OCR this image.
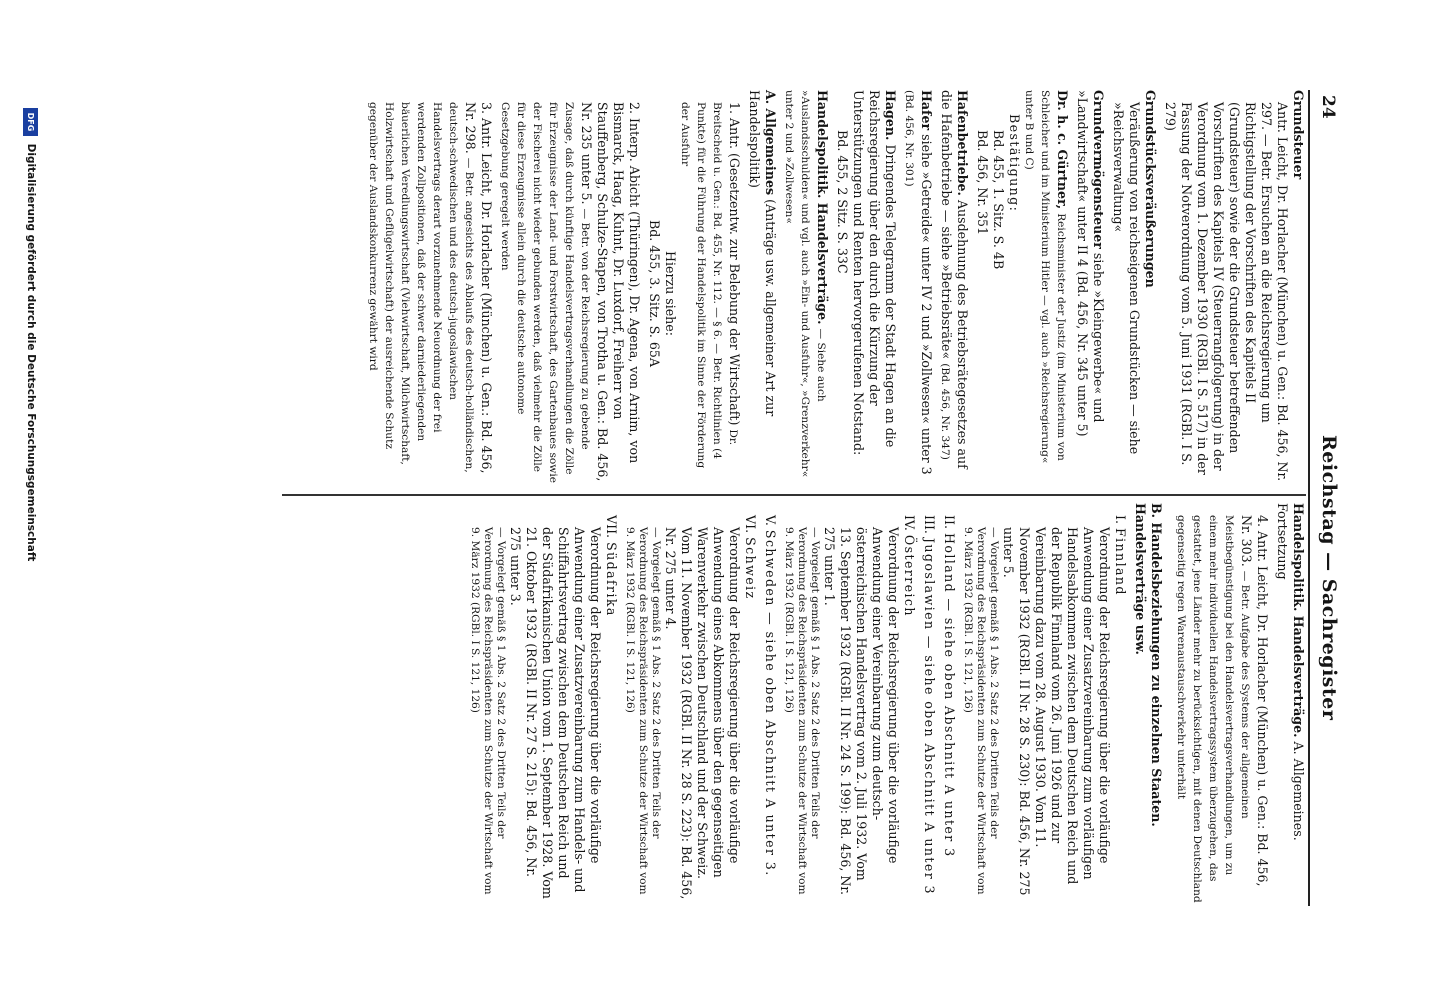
24
Reichstag — Sachregister
Grundsteuer
Antr. Leicht, Dr. Horlacher (München) u. Gen.: Bd. 456, Nr. 297. — Betr. Ersuchen an die Reichsregierung um Richtigstellung der Vorschriften des Kapitels II (Grundsteuer) sowie der die Grundsteuer betreffenden Vorschriften des Kapitels IV (Steuerrangfolgerung) in der Verordnung vom 1. Dezember 1930 (RGBl. I S. 517) in der Fassung der Notverordnung vom 5. Juni 1931 (RGBl. I S. 279)
Grundstücksveräußerungen
Veräußerung von reichseigenen Grundstücken — siehe »Reichsverwaltung«
Grundvermögensteuer siehe »Kleingewerbe« und »Landwirtschaft« unter II 4 (Bd. 456, Nr. 345 unter 5)
Dr. h. c. Gürtner, Reichsminister der Justiz (im Ministerium von Schleicher und im Ministerium Hitler — vgl. auch »Reichsregierung« unter B und C)
Bestätigung:
Bd. 455, 1. Sitz. S. 4B
Bd. 456, Nr. 351
Hafenbetriebe. Ausdehnung des Betriebsrätegesetzes auf die Hafenbetriebe — siehe »Betriebsräte« (Bd. 456, Nr. 347)
Hafer siehe »Getreide« unter IV 2 und »Zollwesen« unter 3 (Bd. 456, Nr. 301)
Hagen. Dringendes Telegramm der Stadt Hagen an die Reichsregierung über den durch die Kürzung der Unterstützungen und Renten hervorgerufenen Notstand:
Bd. 455, 2 Sitz. S. 33C
Handelspolitik. Handelsverträge. — Siehe auch »Auslandsschulden« und vgl. auch »Ein- und Ausfuhr«, »Grenzverkehr« unter 2 und »Zollwesen«
A. Allgemeines (Anträge usw. allgemeiner Art zur Handelspolitik)
1. Antr. (Gesetzentw. zur Belebung der Wirtschaft) Dr. Breitscheid u. Gen.: Bd. 455, Nr. 112. — § 6. — Betr. Richtlinien (4 Punkte) für die Führung der Handelspolitik im Sinne der Förderung der Ausfuhr
Hierzu siehe:
Bd. 455, 3. Sitz. S. 65A
2. Interp. Abicht (Thüringen), Dr. Agena, von Arnim, von Bismarck, Haag, Kuhnt, Dr. Luxdorf, Freiherr von Stauffenberg, Schulze-Stapen, von Trotha u. Gen.: Bd. 456, Nr. 235 unter 5. — Betr. von der Reichsregierung zu gebende Zusage, daß durch künftige Handelsvertragsverhandlungen die Zölle für Erzeugnisse der Land- und Forstwirtschaft, des Gartenbaues sowie der Fischerei nicht wieder gebunden werden, daß vielmehr die Zölle für diese Erzeugnisse allein durch die deutsche autonome Gesetzgebung geregelt werden
3. Antr. Leicht, Dr. Horlacher (München) u. Gen.: Bd. 456, Nr. 298. — Betr. angesichts des Ablaufs des deutsch-holländischen, deutsch-schwedischen und des deutsch-jugoslawischen Handelsvertrags derart vorzunehmende Neuordnung der frei werdenden Zollpositionen, daß der schwer darniederliegenden bäuerlichen Veredlungswirtschaft (Viehwirtschaft, Milchwirtschaft, Holzwirtschaft und Geflügelwirtschaft) der ausreichende Schutz gegenüber der Auslandskonkurrenz gewährt wird
Handelspolitik. Handelsverträge. A. Allgemeines.
Fortsetzung
4. Antr. Leicht, Dr. Horlacher (München) u. Gen.: Bd. 456, Nr. 303. — Betr. Aufgabe des Systems der allgemeinen Meistbegünstigung bei den Handelsvertragsverhandlungen, um zu einem mehr individuellen Handelsvertragssystem überzugehen, das gestattet, jene Länder mehr zu berücksichtigen, mit denen Deutschland gegenseitig regen Warenaustauschverkehr unterhält
B. Handelsbeziehungen zu einzelnen Staaten. Handelsverträge usw.
I. Finnland
Verordnung der Reichsregierung über die vorläufige Anwendung einer Zusatzvereinbarung zum vorläufigen Handelsabkommen zwischen dem Deutschen Reich und der Republik Finnland vom 26. Juni 1926 und zur Vereinbarung dazu vom 28. August 1930. Vom 11. November 1932 (RGBl. II Nr. 28 S. 230): Bd. 456, Nr. 275 unter 5.
— Vorgelegt gemäß § 1 Abs. 2 Satz 2 des Dritten Teils der Verordnung des Reichspräsidenten zum Schutze der Wirtschaft vom 9. März 1932 (RGBl. I S. 121, 126)
II. Holland — siehe oben Abschnitt A unter 3
III. Jugoslawien — siehe oben Abschnitt A unter 3
IV. Österreich
Verordnung der Reichsregierung über die vorläufige Anwendung einer Vereinbarung zum deutsch-österreichischen Handelsvertrag vom 2. Juli 1932. Vom 13. September 1932 (RGBl. II Nr. 24 S. 199): Bd. 456, Nr. 275 unter 1.
— Vorgelegt gemäß § 1 Abs. 2 Satz 2 des Dritten Teils der Verordnung des Reichspräsidenten zum Schutze der Wirtschaft vom 9. März 1932 (RGBl. I S. 121, 126)
V. Schweden — siehe oben Abschnitt A unter 3.
VI. Schweiz
Verordnung der Reichsregierung über die vorläufige Anwendung eines Abkommens über den gegenseitigen Warenverkehr zwischen Deutschland und der Schweiz. Vom 11. November 1932 (RGBl. II Nr. 28 S. 223): Bd. 456, Nr. 275 unter 4.
— Vorgelegt gemäß § 1 Abs. 2 Satz 2 des Dritten Teils der Verordnung des Reichspräsidenten zum Schutze der Wirtschaft vom 9. März 1932 (RGBl. I S. 121, 126)
VII. Südafrika
Verordnung der Reichsregierung über die vorläufige Anwendung einer Zusatzvereinbarung zum Handels- und Schiffahrtsvertrag zwischen dem Deutschen Reich und der Südafrikanischen Union vom 1. September 1928. Vom 21. Oktober 1932 (RGBl. II Nr. 27 S. 215): Bd. 456, Nr. 275 unter 3.
— Vorgelegt gemäß § 1 Abs. 2 Satz 2 des Dritten Teils der Verordnung des Reichspräsidenten zum Schutze der Wirtschaft vom 9. März 1932 (RGBl. I S. 121, 126)
DFG Digitalisierung gefördert durch die Deutsche Forschungsgemeinschaft
